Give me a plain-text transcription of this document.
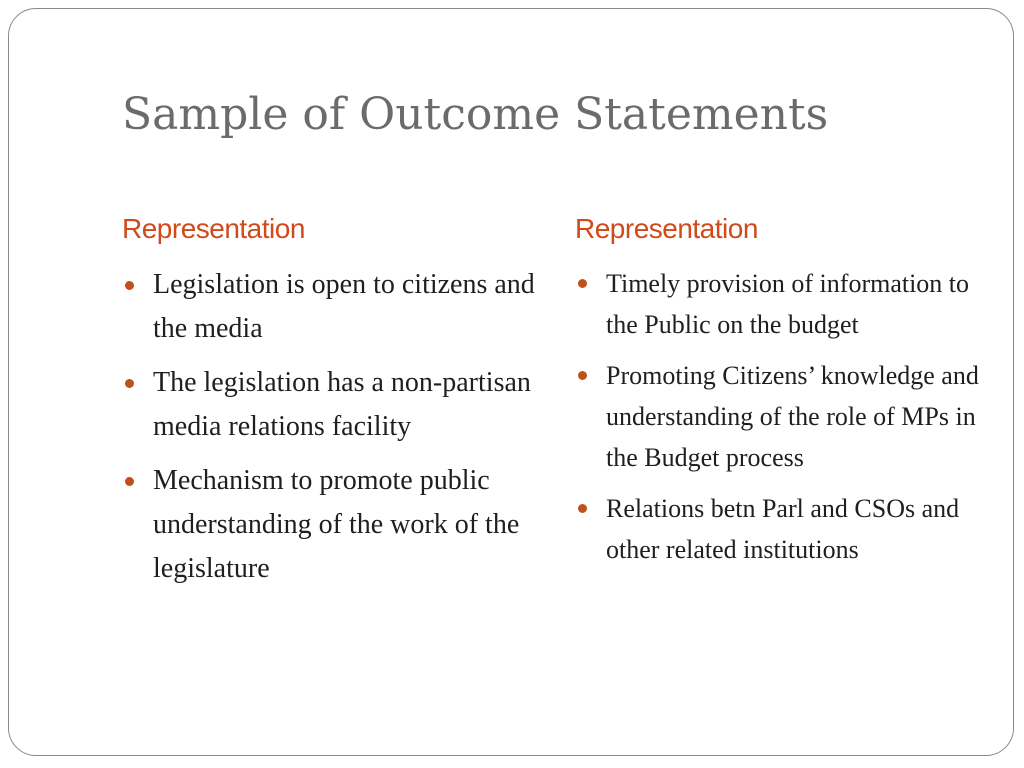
Sample of Outcome Statements
Representation
Legislation is open to citizens and the media
The legislation has a non-partisan media relations facility
Mechanism to promote public understanding of the work of the legislature
Representation
Timely provision of information to the Public on the budget
Promoting Citizens’ knowledge and understanding of the role of MPs in the Budget process
Relations betn Parl and CSOs and other related institutions
